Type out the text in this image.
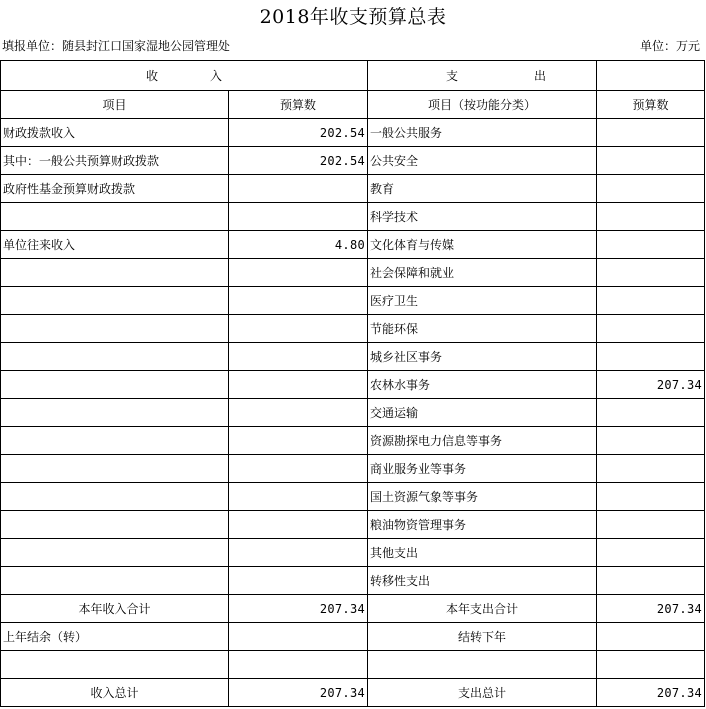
2018年收支预算总表
填报单位：随县封江口国家湿地公园管理处	单位：万元
收入		支出	
项目	预算数	项目（按功能分类）	预算数
财政拨款收入	202.54	一般公共服务	
其中：一般公共预算财政拨款	202.54	公共安全	
政府性基金预算财政拨款		教育	
		科学技术	
单位往来收入	4.80	文化体育与传媒	
		社会保障和就业	
		医疗卫生	
		节能环保	
		城乡社区事务	
		农林水事务	207.34
		交通运输	
		资源勘探电力信息等事务	
		商业服务业等事务	
		国土资源气象等事务	
		粮油物资管理事务	
		其他支出	
		转移性支出	
本年收入合计	207.34	本年支出合计	207.34
上年结余（转）		结转下年	

收入总计	207.34	支出总计	207.34
